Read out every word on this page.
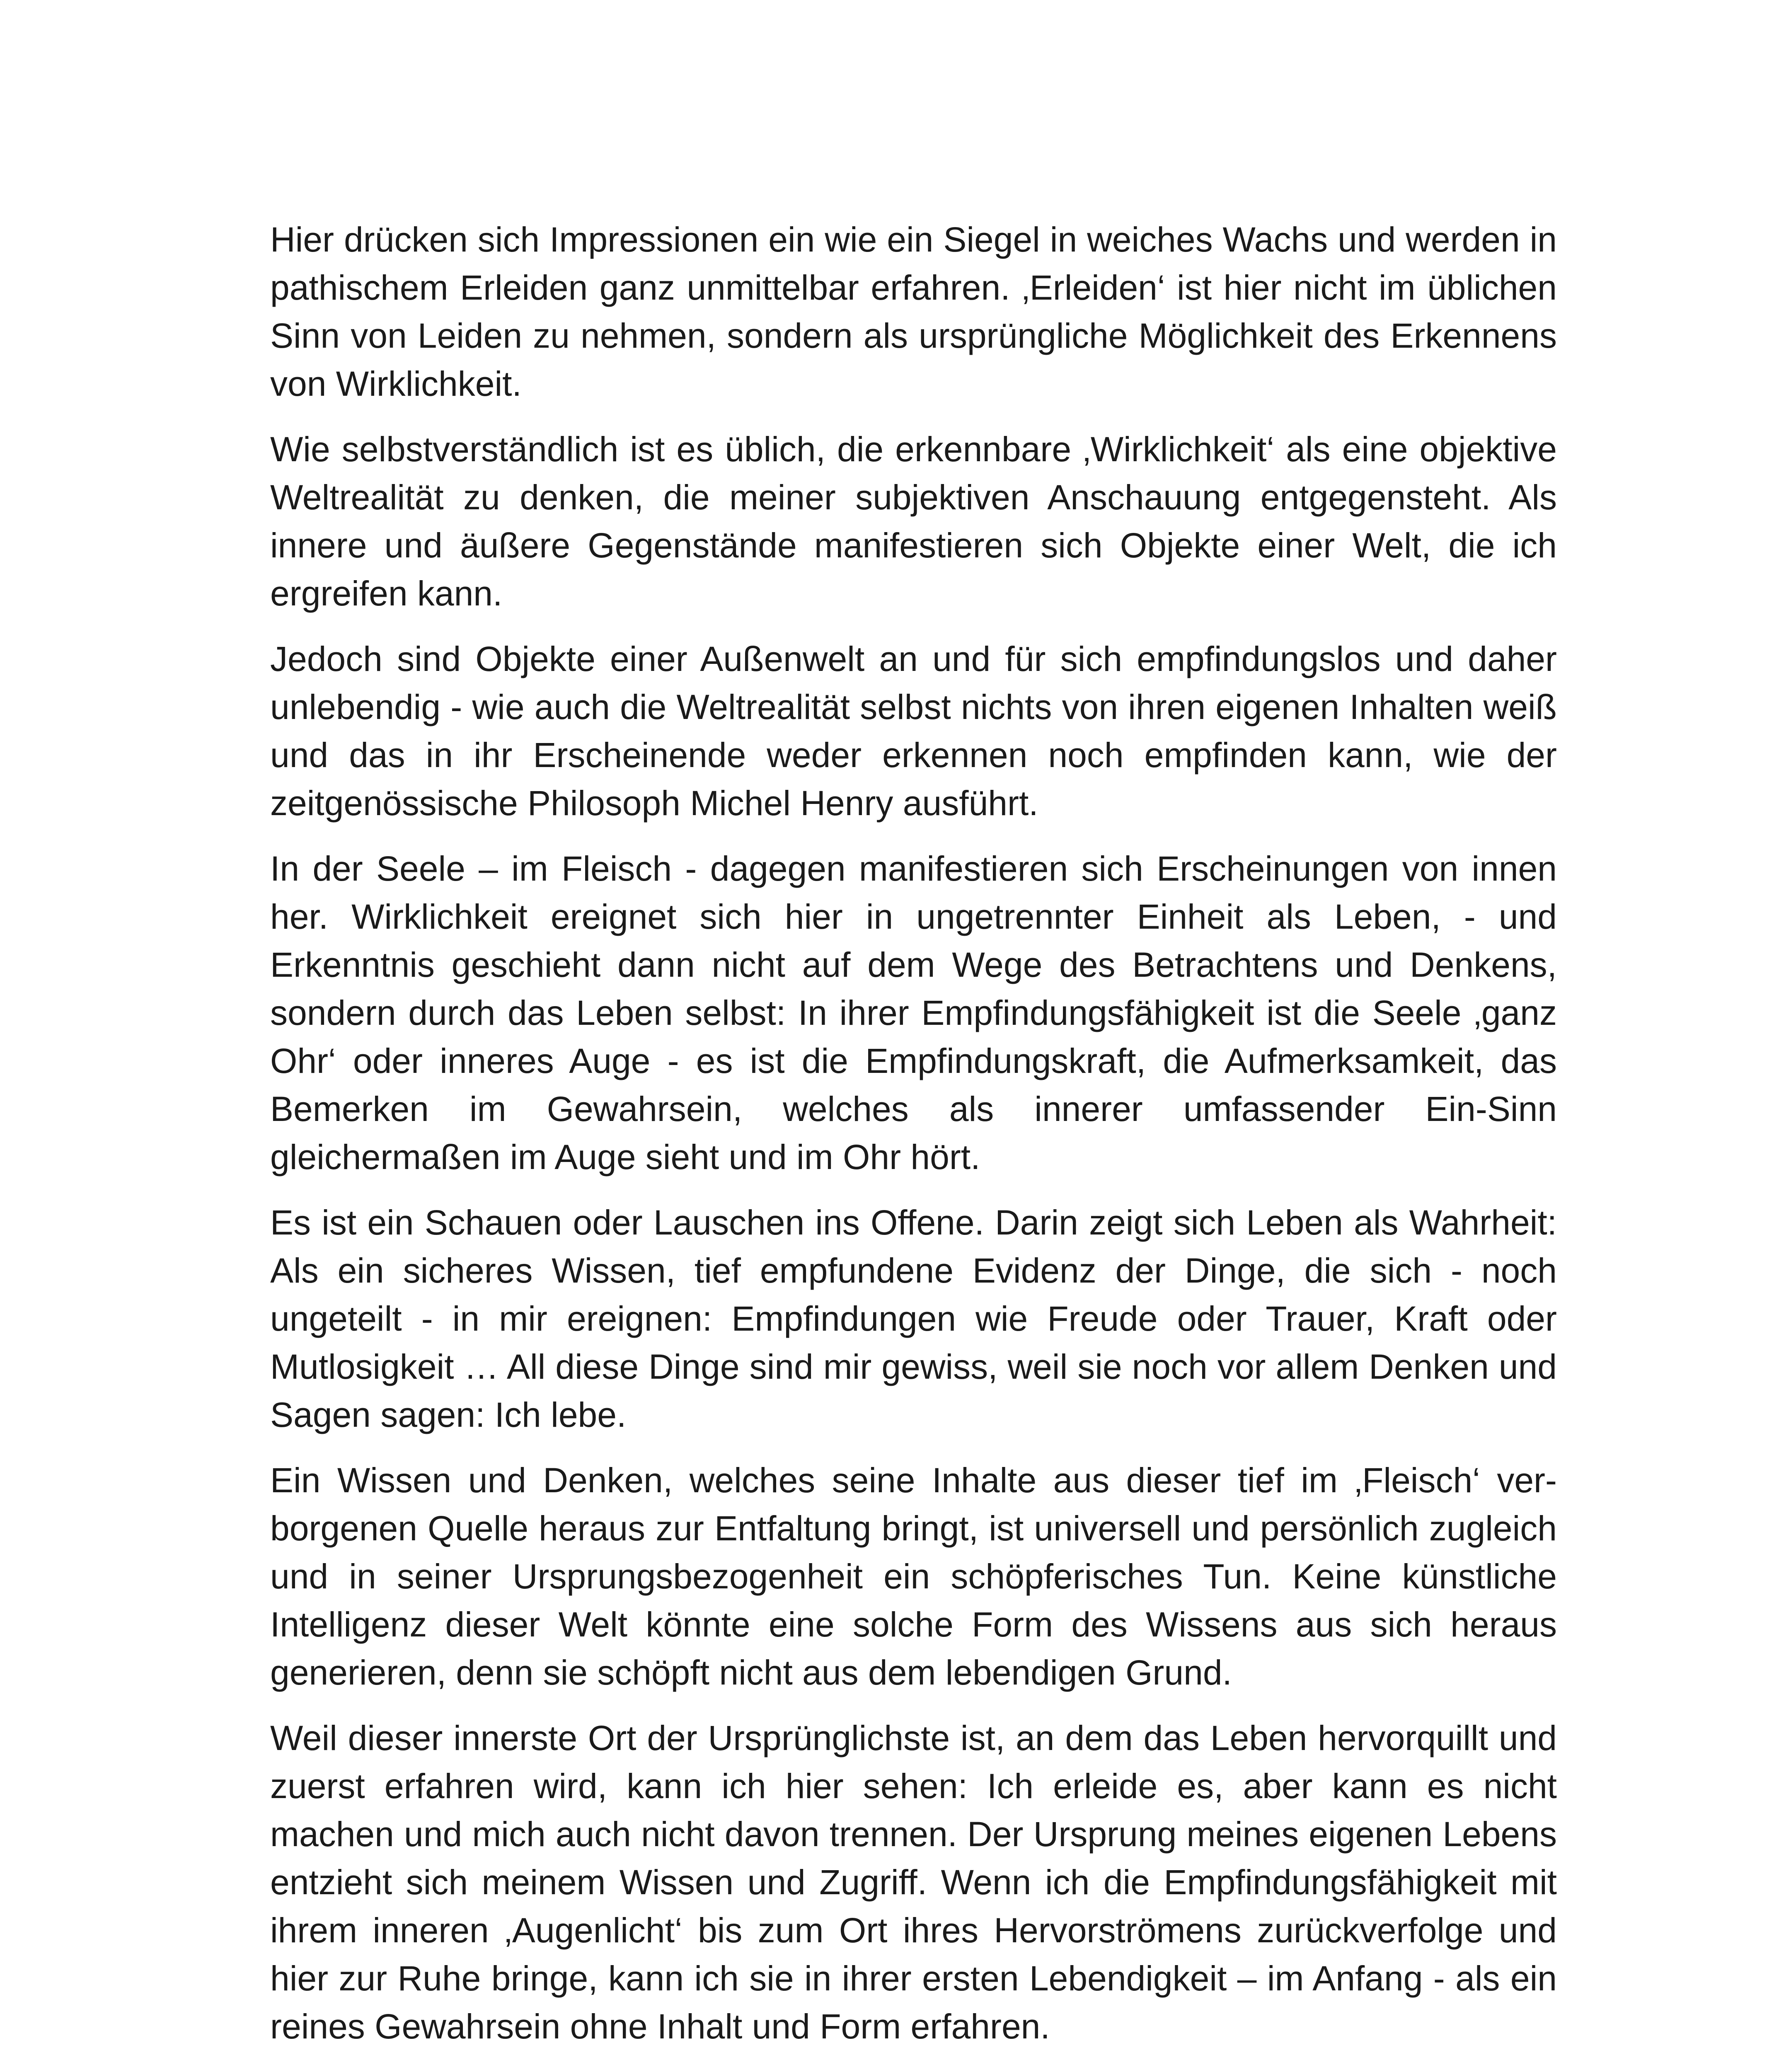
Hier drücken sich Impressionen ein wie ein Siegel in weiches Wachs und werden in pathischem Erleiden ganz unmittelbar erfahren. ‚Erleiden‘ ist hier nicht im üblichen Sinn von Leiden zu nehmen, sondern als ursprüngliche Möglichkeit des Erkennens von Wirklichkeit.

Wie selbstverständlich ist es üblich, die erkennbare ‚Wirklichkeit‘ als eine objektive Weltrealität zu denken, die meiner subjektiven Anschauung entgegensteht. Als innere und äußere Gegenstände manifestieren sich Objekte einer Welt, die ich ergreifen kann.

Jedoch sind Objekte einer Außenwelt an und für sich empfindungslos und daher unlebendig - wie auch die Weltrealität selbst nichts von ihren eigenen Inhalten weiß und das in ihr Erscheinende weder erkennen noch empfinden kann, wie der zeitgenössische Philosoph Michel Henry ausführt.

In der Seele – im Fleisch - dagegen manifestieren sich Erscheinungen von innen her. Wirklichkeit ereignet sich hier in ungetrennter Einheit als Leben, - und Erkenntnis geschieht dann nicht auf dem Wege des Betrachtens und Denkens, sondern durch das Leben selbst: In ihrer Empfindungsfähigkeit ist die Seele ‚ganz Ohr‘ oder inneres Auge - es ist die Empfindungskraft, die Aufmerksamkeit, das Bemerken im Gewahrsein, welches als innerer umfassender Ein-Sinn gleichermaßen im Auge sieht und im Ohr hört.

Es ist ein Schauen oder Lauschen ins Offene. Darin zeigt sich Leben als Wahrheit: Als ein sicheres Wissen, tief empfundene Evidenz der Dinge, die sich - noch ungeteilt - in mir ereignen: Empfindungen wie Freude oder Trauer, Kraft oder Mutlosigkeit … All diese Dinge sind mir gewiss, weil sie noch vor allem Denken und Sagen sagen: Ich lebe.

Ein Wissen und Denken, welches seine Inhalte aus dieser tief im ‚Fleisch‘ verborgenen Quelle heraus zur Entfaltung bringt, ist universell und persönlich zugleich und in seiner Ursprungsbezogenheit ein schöpferisches Tun. Keine künstliche Intelligenz dieser Welt könnte eine solche Form des Wissens aus sich heraus generieren, denn sie schöpft nicht aus dem lebendigen Grund.

Weil dieser innerste Ort der Ursprünglichste ist, an dem das Leben hervorquillt und zuerst erfahren wird, kann ich hier sehen: Ich erleide es, aber kann es nicht machen und mich auch nicht davon trennen. Der Ursprung meines eigenen Lebens entzieht sich meinem Wissen und Zugriff. Wenn ich die Empfindungsfähigkeit mit ihrem inneren ‚Augenlicht‘ bis zum Ort ihres Hervorströmens zurückverfolge und hier zur Ruhe bringe, kann ich sie in ihrer ersten Lebendigkeit – im Anfang - als ein reines Gewahrsein ohne Inhalt und Form erfahren.
